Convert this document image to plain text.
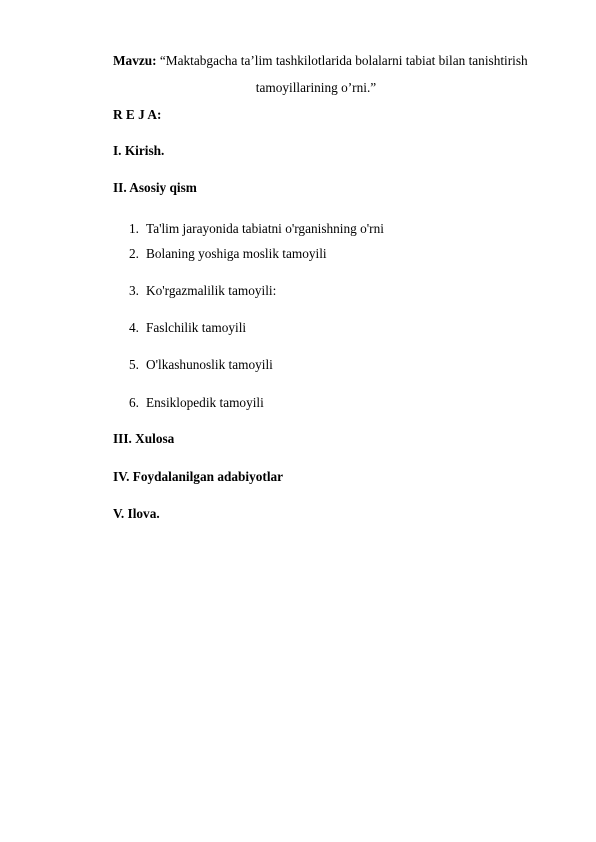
Mavzu: “Maktabgacha ta’lim tashkilotlarida bolalarni tabiat bilan tanishtirish
tamoyillarining o’rni.”
R E J A:
I. Kirish.
II. Asosiy qism
1. Ta'lim jarayonida tabiatni o'rganishning o'rni
2. Bolaning yoshiga moslik tamoyili
3. Ko'rgazmalilik tamoyili:
4. Faslchilik tamoyili
5. O'lkashunoslik tamoyili
6. Ensiklopedik tamoyili
III. Xulosa
IV. Foydalanilgan adabiyotlar
V. Ilova.
